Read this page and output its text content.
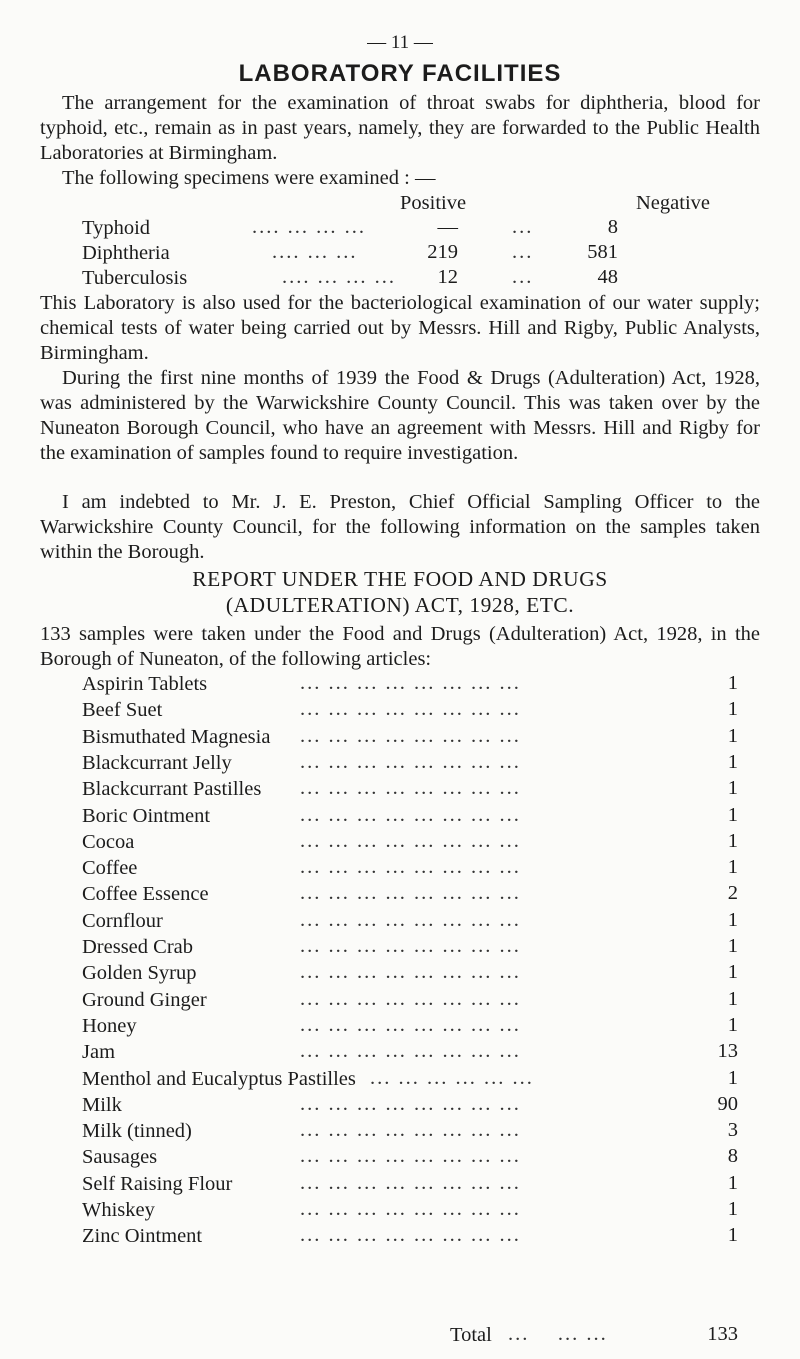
— 11 —
LABORATORY FACILITIES

The arrangement for the examination of throat swabs for diphtheria, blood for typhoid, etc., remain as in past years, namely, they are forwarded to the Public Health Laboratories at Birmingham.

The following specimens were examined : —

Positive	Negative
Typhoid	.... ... ... ...	—	...	8
Diphtheria	.... ... ...	219	...	581
Tuberculosis	.... ... ... ...	12	...	48

This Laboratory is also used for the bacteriological examination of our water supply; chemical tests of water being carried out by Messrs. Hill and Rigby, Public Analysts, Birmingham.

During the first nine months of 1939 the Food & Drugs (Adulteration) Act, 1928, was administered by the Warwickshire County Council. This was taken over by the Nuneaton Borough Council, who have an agreement with Messrs. Hill and Rigby for the examination of samples found to require investigation.

I am indebted to Mr. J. E. Preston, Chief Official Sampling Officer to the Warwickshire County Council, for the following information on the samples taken within the Borough.

REPORT UNDER THE FOOD AND DRUGS
(ADULTERATION) ACT, 1928, ETC.

133 samples were taken under the Food and Drugs (Adulteration) Act, 1928, in the Borough of Nuneaton, of the following articles:

Aspirin Tablets	... ... ... ... ... ... ... ...	1
Beef Suet	... ... ... ... ... ... ... ...	1
Bismuthated Magnesia ... ... ... ... ... ... ... ...	1
Blackcurrant Jelly	... ... ... ... ... ... ... ...	1
Blackcurrant Pastilles ... ... ... ... ... ... ... ...	1
Boric Ointment	... ... ... ... ... ... ... ...	1
Cocoa	... ... ... ... ... ... ... ...	1
Coffee	... ... ... ... ... ... ... ...	1
Coffee Essence	... ... ... ... ... ... ... ...	2
Cornflour	... ... ... ... ... ... ... ...	1
Dressed Crab	... ... ... ... ... ... ... ...	1
Golden Syrup	... ... ... ... ... ... ... ...	1
Ground Ginger	... ... ... ... ... ... ... ...	1
Honey	... ... ... ... ... ... ... ...	1
Jam	... ... ... ... ... ... ... ...	13
Menthol and Eucalyptus Pastilles ... ... ... ... ... ...	1
Milk	... ... ... ... ... ... ... ...	90
Milk (tinned)	... ... ... ... ... ... ... ...	3
Sausages	... ... ... ... ... ... ... ...	8
Self Raising Flour	... ... ... ... ... ... ... ...	1
Whiskey	... ... ... ... ... ... ... ...	1
Zinc Ointment	... ... ... ... ... ... ... ...	1
Total ...    ... ...	133
